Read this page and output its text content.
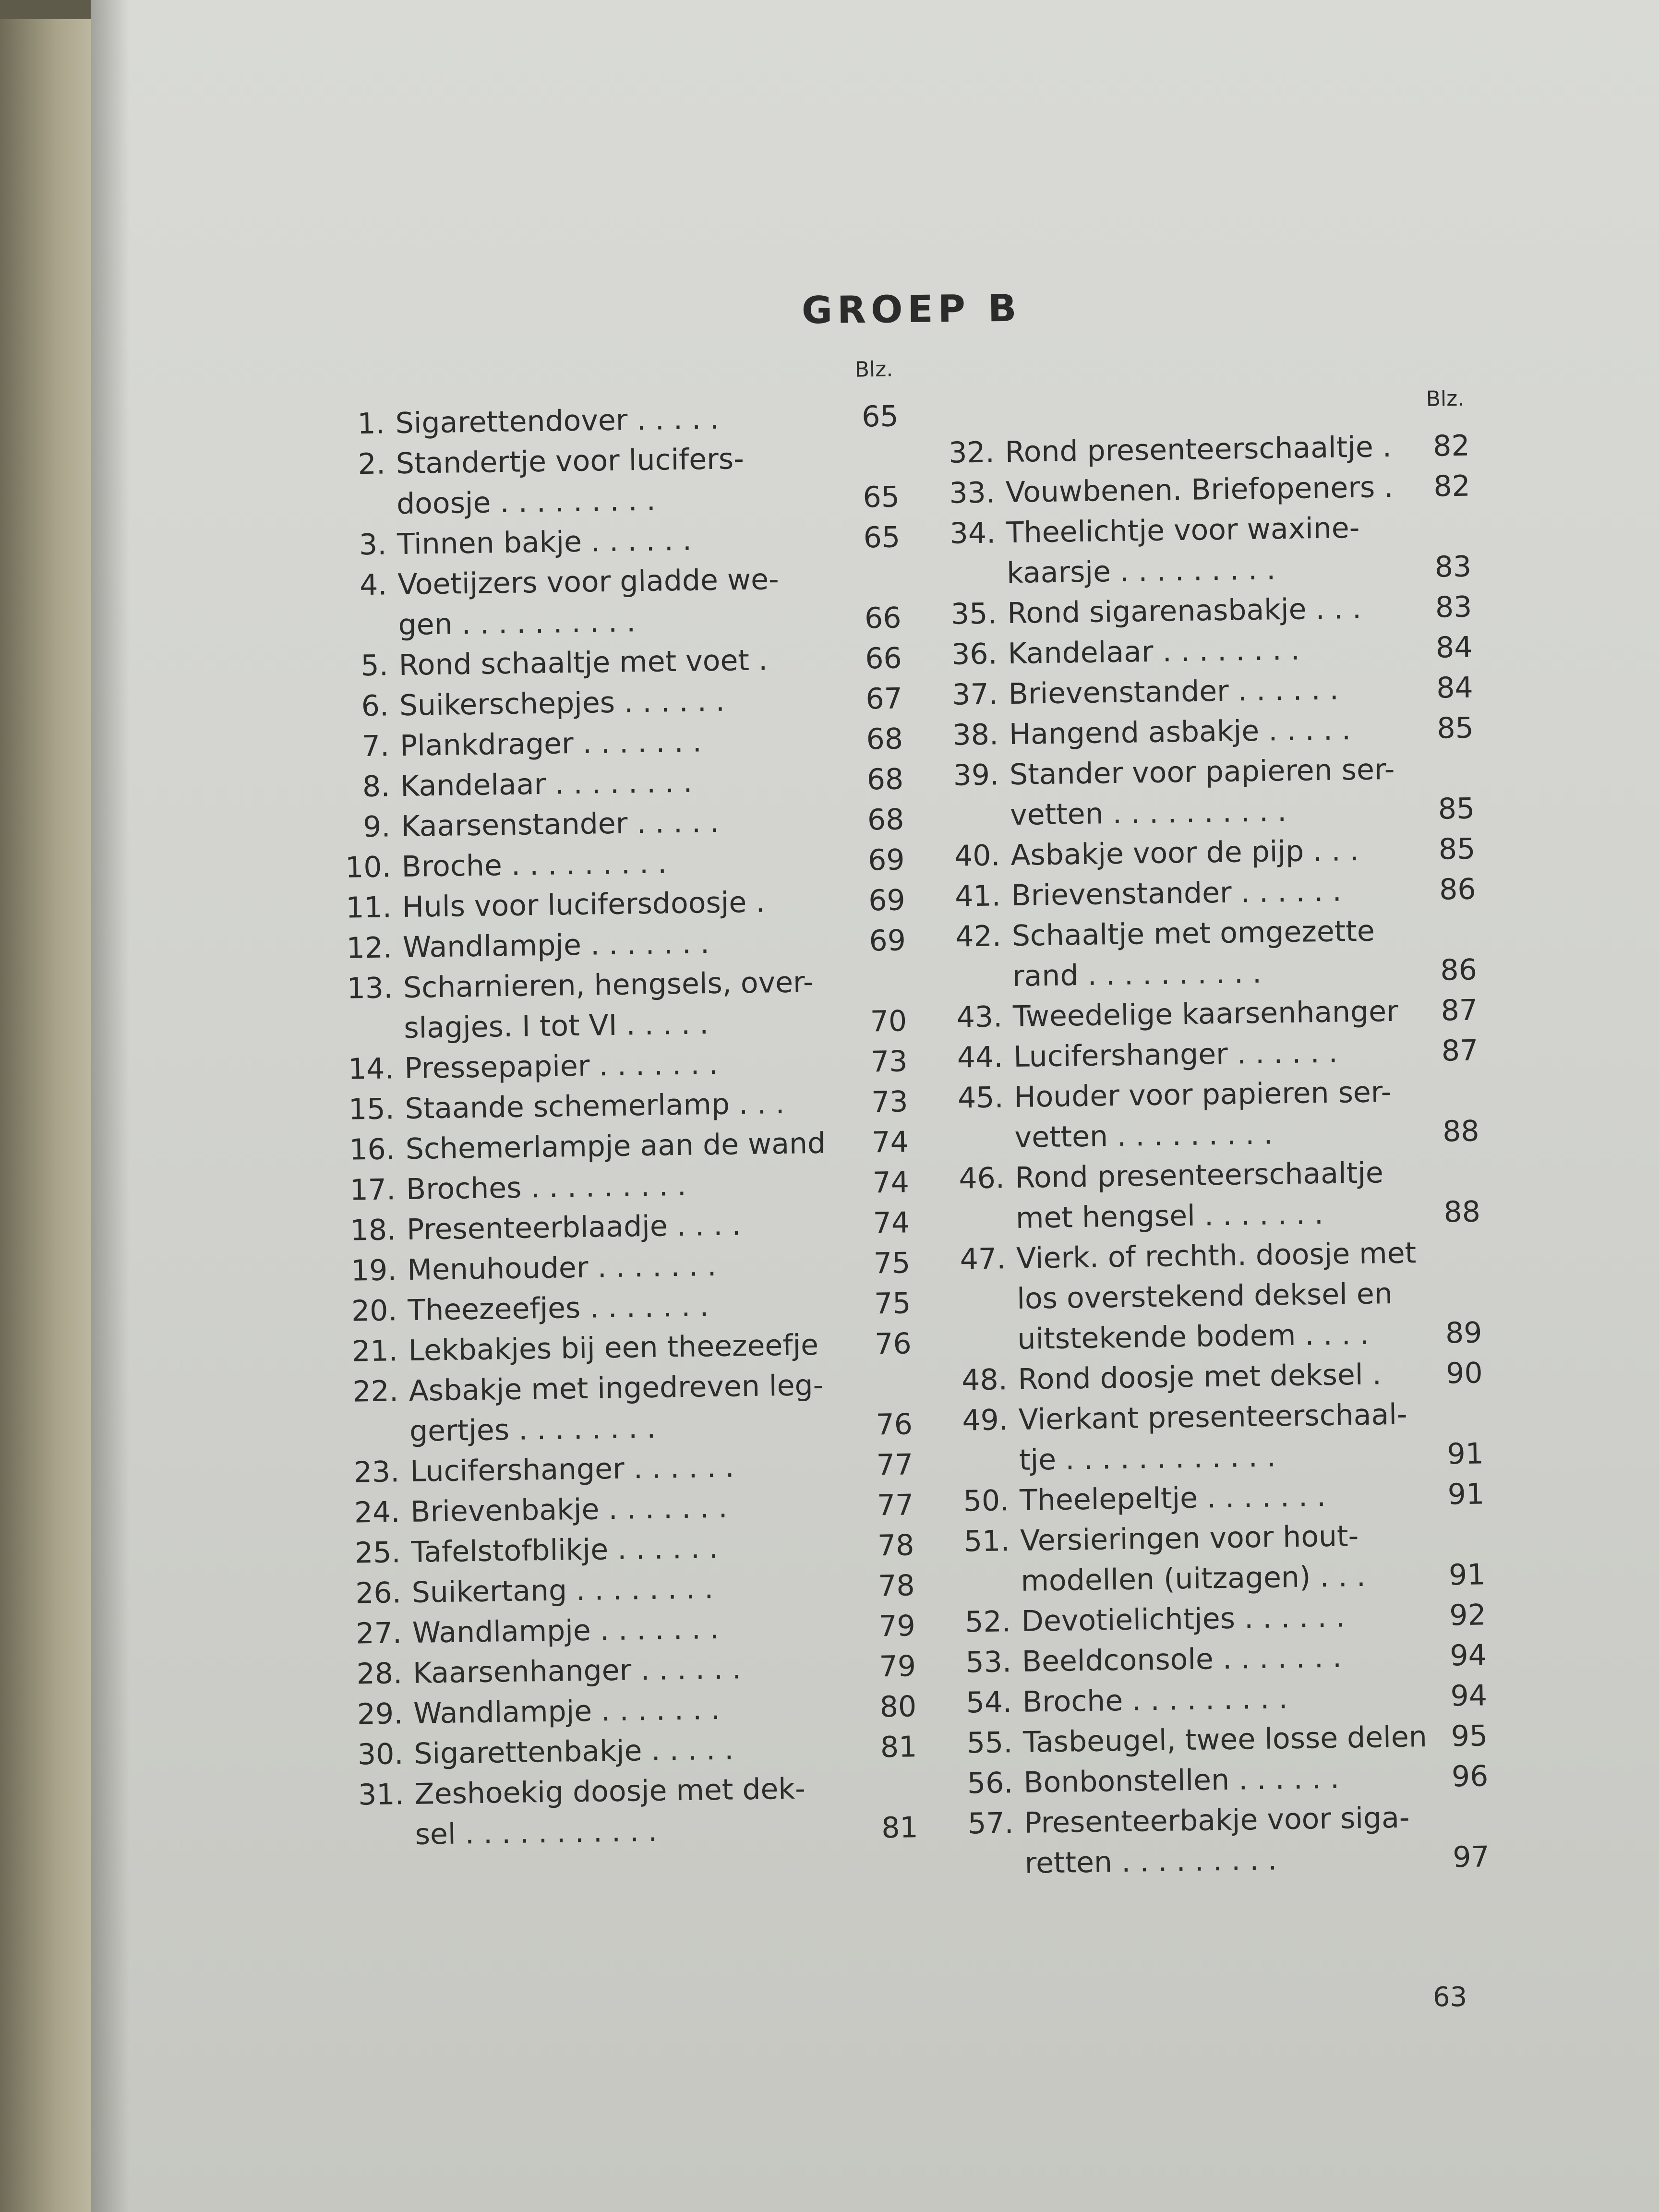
GROEP B
Blz.
1. Sigarettendover . . . . .	65
2. Standertje voor lucifers-
doosje . . . . . . . . .	65
3. Tinnen bakje . . . . . .	65
4. Voetijzers voor gladde we-
gen . . . . . . . . . .	66
5. Rond schaaltje met voet .	66
6. Suikerschepjes . . . . . .	67
7. Plankdrager . . . . . . .	68
8. Kandelaar . . . . . . . .	68
9. Kaarsenstander . . . . .	68
10. Broche . . . . . . . . .	69
11. Huls voor lucifersdoosje .	69
12. Wandlampje . . . . . . .	69
13. Scharnieren, hengsels, over-
slagjes. I tot VI . . . . .	70
14. Pressepapier . . . . . . .	73
15. Staande schemerlamp . . .	73
16. Schemerlampje aan de wand	74
17. Broches . . . . . . . . .	74
18. Presenteerblaadje . . . .	74
19. Menuhouder . . . . . . .	75
20. Theezeefjes . . . . . . .	75
21. Lekbakjes bij een theezeefje	76
22. Asbakje met ingedreven leg-
gertjes . . . . . . . .	76
23. Lucifershanger . . . . . .	77
24. Brievenbakje . . . . . . .	77
25. Tafelstofblikje . . . . . .	78
26. Suikertang . . . . . . . .	78
27. Wandlampje . . . . . . .	79
28. Kaarsenhanger . . . . . .	79
29. Wandlampje . . . . . . .	80
30. Sigarettenbakje . . . . .	81
31. Zeshoekig doosje met dek-
sel . . . . . . . . . . .	81
Blz.
32. Rond presenteerschaaltje .	82
33. Vouwbenen. Briefopeners .	82
34. Theelichtje voor waxine-
kaarsje . . . . . . . . .	83
35. Rond sigarenasbakje . . .	83
36. Kandelaar . . . . . . . .	84
37. Brievenstander . . . . . .	84
38. Hangend asbakje . . . . .	85
39. Stander voor papieren ser-
vetten . . . . . . . . . .	85
40. Asbakje voor de pijp . . .	85
41. Brievenstander . . . . . .	86
42. Schaaltje met omgezette
rand . . . . . . . . . .	86
43. Tweedelige kaarsenhanger	87
44. Lucifershanger . . . . . .	87
45. Houder voor papieren ser-
vetten . . . . . . . . .	88
46. Rond presenteerschaaltje
met hengsel . . . . . . .	88
47. Vierk. of rechth. doosje met
los overstekend deksel en
uitstekende bodem . . . .	89
48. Rond doosje met deksel .	90
49. Vierkant presenteerschaal-
tje . . . . . . . . . . . .	91
50. Theelepeltje . . . . . . .	91
51. Versieringen voor hout-
modellen (uitzagen) . . .	91
52. Devotielichtjes . . . . . .	92
53. Beeldconsole . . . . . . .	94
54. Broche . . . . . . . . .	94
55. Tasbeugel, twee losse delen 95
56. Bonbonstellen . . . . . .	96
57. Presenteerbakje voor siga-
retten . . . . . . . . .	97
63
